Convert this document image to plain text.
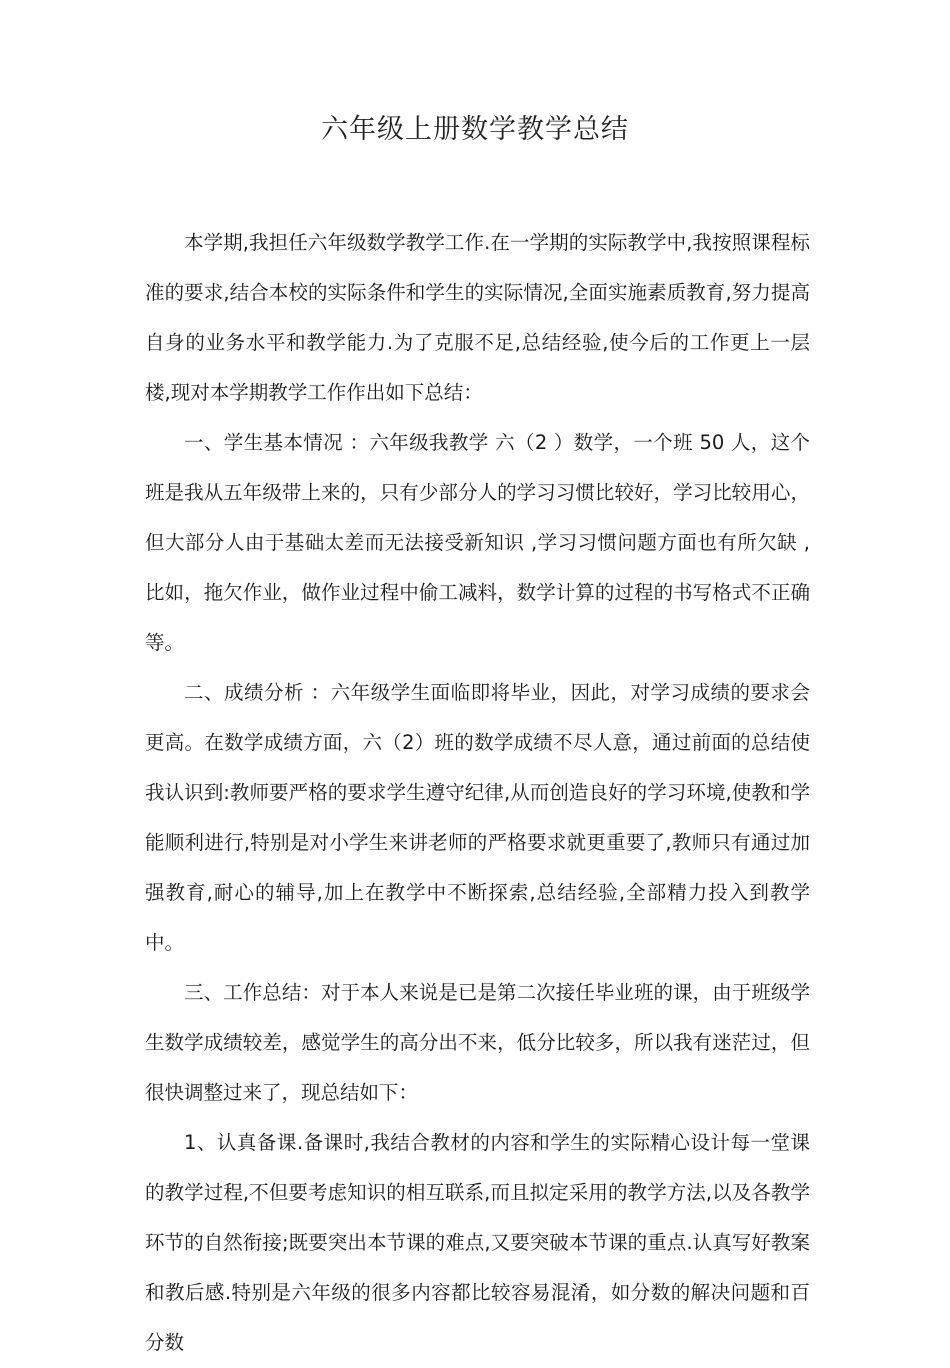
六年级上册数学教学总结

本学期,我担任六年级数学教学工作.在一学期的实际教学中,我按照课程标准的要求,结合本校的实际条件和学生的实际情况,全面实施素质教育,努力提高自身的业务水平和教学能力.为了克服不足,总结经验,使今后的工作更上一层楼,现对本学期教学工作作出如下总结：

一、学生基本情况 ：六年级我教学 六（2 ）数学，一个班 50 人，这个班是我从五年级带上来的，只有少部分人的学习习惯比较好，学习比较用心，但大部分人由于基础太差而无法接受新知识 ,学习习惯问题方面也有所欠缺 ,比如，拖欠作业，做作业过程中偷工减料，数学计算的过程的书写格式不正确等。

二、成绩分析 ：六年级学生面临即将毕业，因此，对学习成绩的要求会更高。在数学成绩方面，六（2）班的数学成绩不尽人意，通过前面的总结使我认识到:教师要严格的要求学生遵守纪律,从而创造良好的学习环境,使教和学能顺利进行,特别是对小学生来讲老师的严格要求就更重要了,教师只有通过加强教育,耐心的辅导,加上在教学中不断探索,总结经验,全部精力投入到教学中。

三、工作总结：对于本人来说是已是第二次接任毕业班的课，由于班级学生数学成绩较差，感觉学生的高分出不来，低分比较多，所以我有迷茫过，但很快调整过来了，现总结如下：

1、认真备课.备课时,我结合教材的内容和学生的实际精心设计每一堂课的教学过程,不但要考虑知识的相互联系,而且拟定采用的教学方法,以及各教学环节的自然衔接;既要突出本节课的难点,又要突破本节课的重点.认真写好教案和教后感.特别是六年级的很多内容都比较容易混淆，如分数的解决问题和百分数
